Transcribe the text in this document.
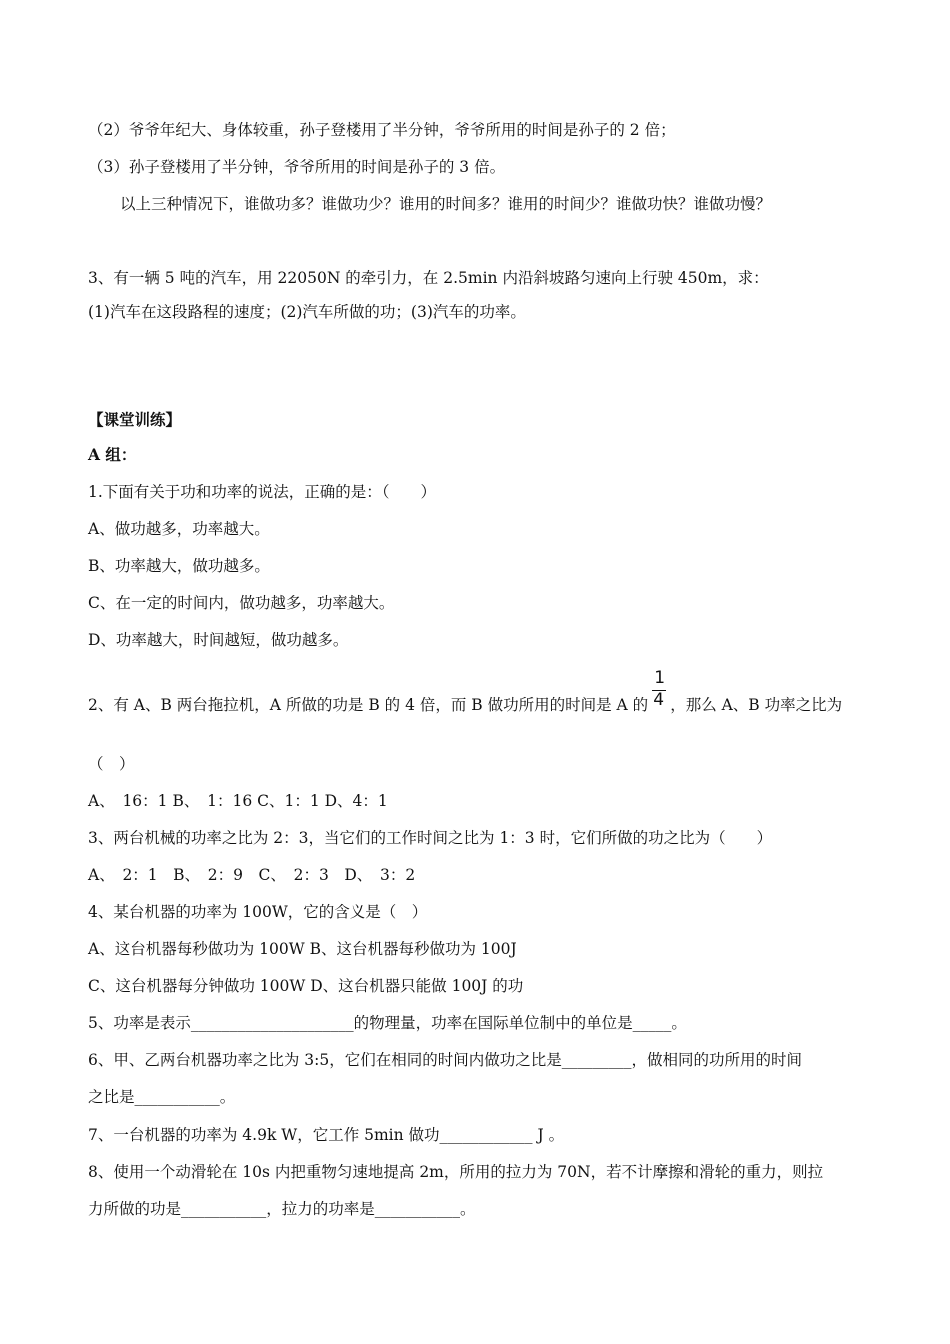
（2）爷爷年纪大、身体较重，孙子登楼用了半分钟，爷爷所用的时间是孙子的 2 倍；
（3）孙子登楼用了半分钟，爷爷所用的时间是孙子的 3 倍。
以上三种情况下，谁做功多？谁做功少？谁用的时间多？谁用的时间少？谁做功快？谁做功慢？
3、有一辆 5 吨的汽车，用 22050N 的牵引力，在 2.5min 内沿斜坡路匀速向上行驶 450m，求：
(1)汽车在这段路程的速度；(2)汽车所做的功；(3)汽车的功率。
【课堂训练】
A 组：
1.下面有关于功和功率的说法，正确的是：（　　）
A、做功越多，功率越大。
B、功率越大，做功越多。
C、在一定的时间内，做功越多，功率越大。
D、功率越大，时间越短，做功越多。
2、有 A、B 两台拖拉机，A 所做的功是 B 的 4 倍，而 B 做功所用的时间是 A 的 $\frac{1}{4}$ ，那么 A、B 功率之比为
（　）
A、　16：1 B、　1：16 C、1：1 D、4：1
3、两台机械的功率之比为 2：3，当它们的工作时间之比为 1：3 时，它们所做的功之比为（　　）
A、　2：1　B、　2：9　C、　2：3　D、　3：2
4、某台机器的功率为 100W，它的含义是（　）
A、这台机器每秒做功为 100W B、这台机器每秒做功为 100J
C、这台机器每分钟做功 100W D、这台机器只能做 100J 的功
5、功率是表示_____________________的物理量，功率在国际单位制中的单位是_____。
6、甲、乙两台机器功率之比为 3:5，它们在相同的时间内做功之比是_________，做相同的功所用的时间
之比是___________。
7、一台机器的功率为 4.9k W，它工作 5min 做功____________ J 。
8、使用一个动滑轮在 10s 内把重物匀速地提高 2m，所用的拉力为 70N，若不计摩擦和滑轮的重力，则拉
力所做的功是___________，拉力的功率是___________。
